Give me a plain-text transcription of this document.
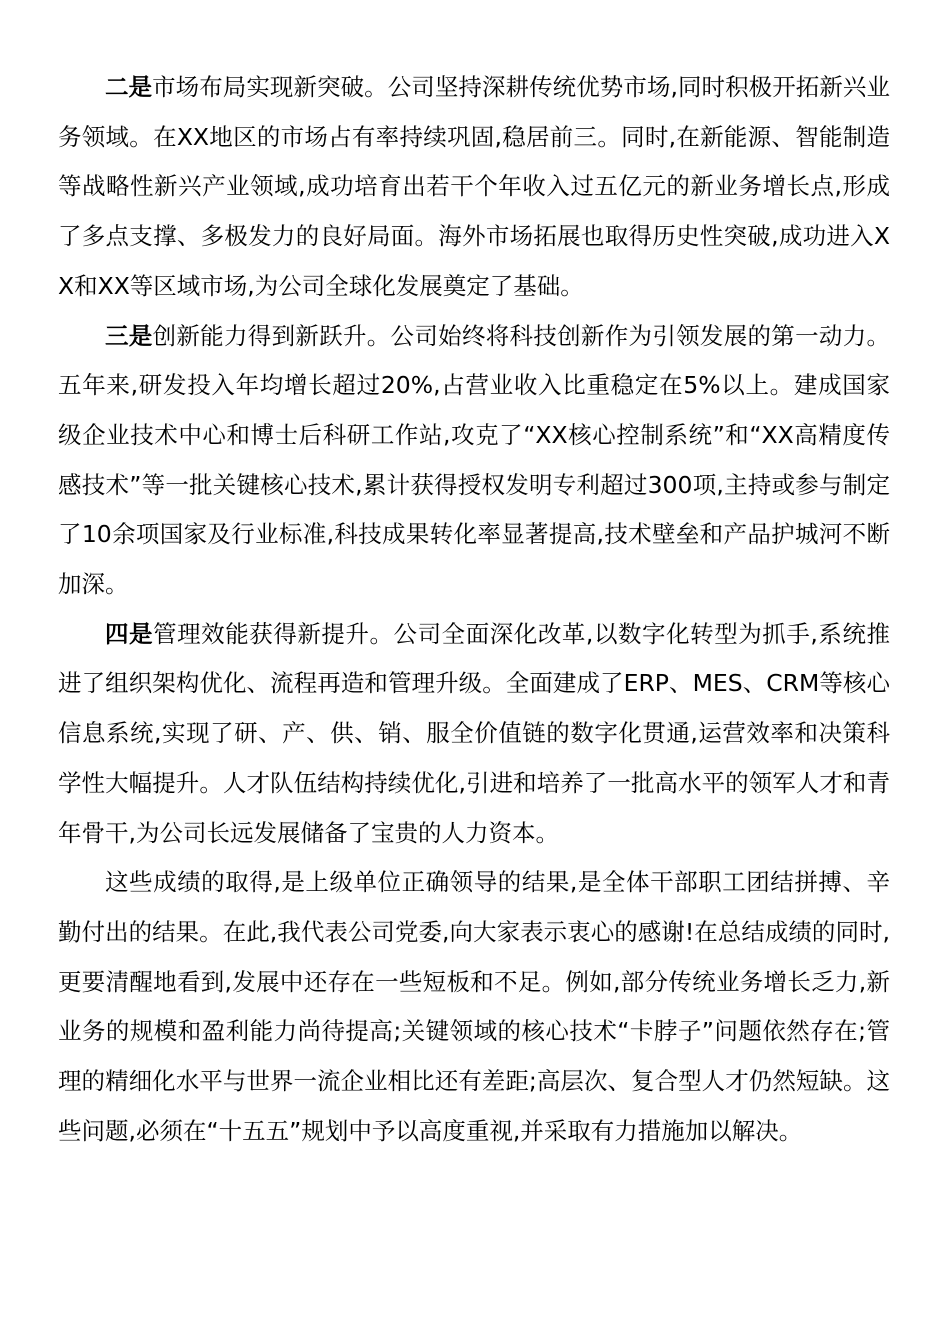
二是市场布局实现新突破。公司坚持深耕传统优势市场,同时积极开拓新兴业务领域。在XX地区的市场占有率持续巩固,稳居前三。同时,在新能源、智能制造等战略性新兴产业领域,成功培育出若干个年收入过五亿元的新业务增长点,形成了多点支撑、多极发力的良好局面。海外市场拓展也取得历史性突破,成功进入XX和XX等区域市场,为公司全球化发展奠定了基础。

三是创新能力得到新跃升。公司始终将科技创新作为引领发展的第一动力。五年来,研发投入年均增长超过20%,占营业收入比重稳定在5%以上。建成国家级企业技术中心和博士后科研工作站,攻克了“XX核心控制系统”和“XX高精度传感技术”等一批关键核心技术,累计获得授权发明专利超过300项,主持或参与制定了10余项国家及行业标准,科技成果转化率显著提高,技术壁垒和产品护城河不断加深。

四是管理效能获得新提升。公司全面深化改革,以数字化转型为抓手,系统推进了组织架构优化、流程再造和管理升级。全面建成了ERP、MES、CRM等核心信息系统,实现了研、产、供、销、服全价值链的数字化贯通,运营效率和决策科学性大幅提升。人才队伍结构持续优化,引进和培养了一批高水平的领军人才和青年骨干,为公司长远发展储备了宝贵的人力资本。

这些成绩的取得,是上级单位正确领导的结果,是全体干部职工团结拼搏、辛勤付出的结果。在此,我代表公司党委,向大家表示衷心的感谢!在总结成绩的同时,更要清醒地看到,发展中还存在一些短板和不足。例如,部分传统业务增长乏力,新业务的规模和盈利能力尚待提高;关键领域的核心技术“卡脖子”问题依然存在;管理的精细化水平与世界一流企业相比还有差距;高层次、复合型人才仍然短缺。这些问题,必须在“十五五”规划中予以高度重视,并采取有力措施加以解决。
